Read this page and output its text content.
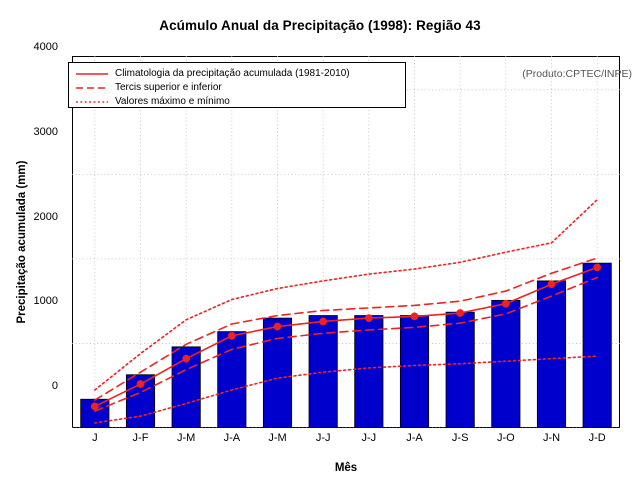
Acúmulo Anual da Precipitação (1998): Região 43
0
1000
2000
3000
4000
Precipitação acumulada (mm)
Climatologia da precipitação acumulada (1981-2010)
Tercis superior e inferior
Valores máximo e mínimo
(Produto:CPTEC/INPE)
J	J-F	J-M	J-A	J-M	J-J	J-J	J-A	J-S	J-O	J-N	J-D
Mês
